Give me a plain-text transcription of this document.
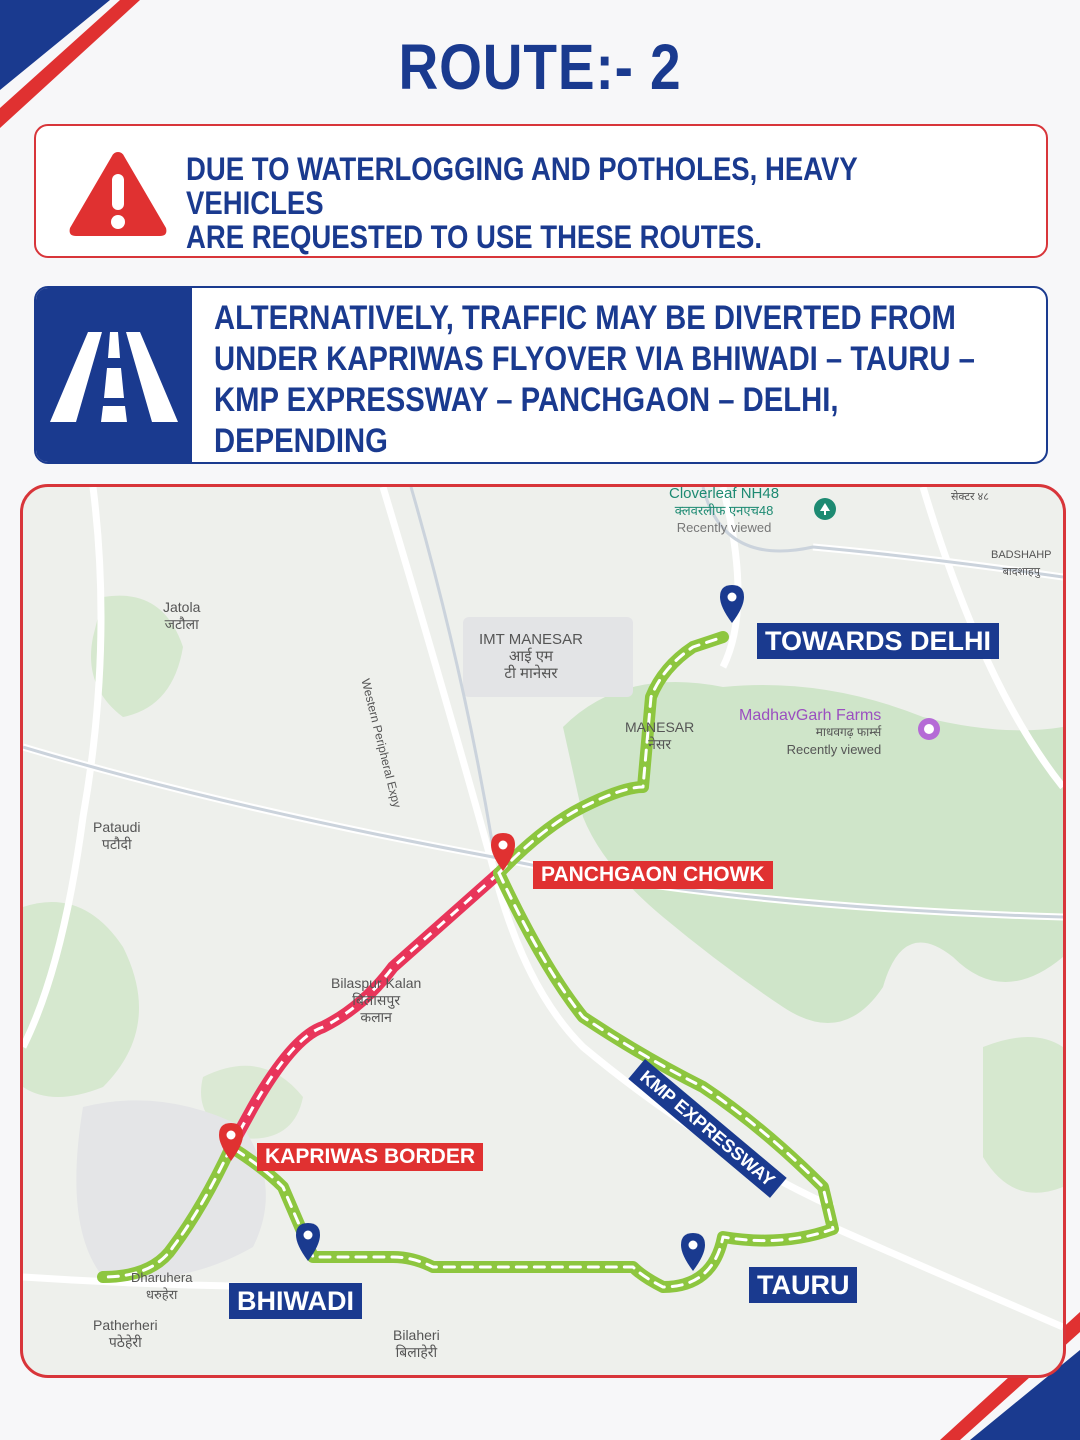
ROUTE:- 2
DUE TO WATERLOGGING AND POTHOLES, HEAVY VEHICLES
ARE REQUESTED TO USE THESE ROUTES.
ALTERNATIVELY, TRAFFIC MAY BE DIVERTED FROM
UNDER KAPRIWAS FLYOVER VIA BHIWADI – TAURU –
KMP EXPRESSWAY – PANCHGAON – DELHI, DEPENDING
Cloverleaf NH48
क्लवरलीफ एनएच48
Recently viewed
सेक्टर ४८
BADSHAHP
बादशाहपु
Jatola
जटौला
IMT MANESAR
आई एम
टी मानेसर
MANESAR
नेसर
MadhavGarh Farms
माधवगढ़ फार्म्स
Recently viewed
Western Peripheral Expy
Pataudi
पटौदी
Bilaspur Kalan
बिलासपुर
कलान
Dharuhera
धरुहेरा
Patherheri
पठेहेरी	Bilaheri
बिलाहेरी
TOWARDS DELHI
PANCHGAON CHOWK
KAPRIWAS BORDER
BHIWADI
TAURU
KMP EXPRESSWAY
